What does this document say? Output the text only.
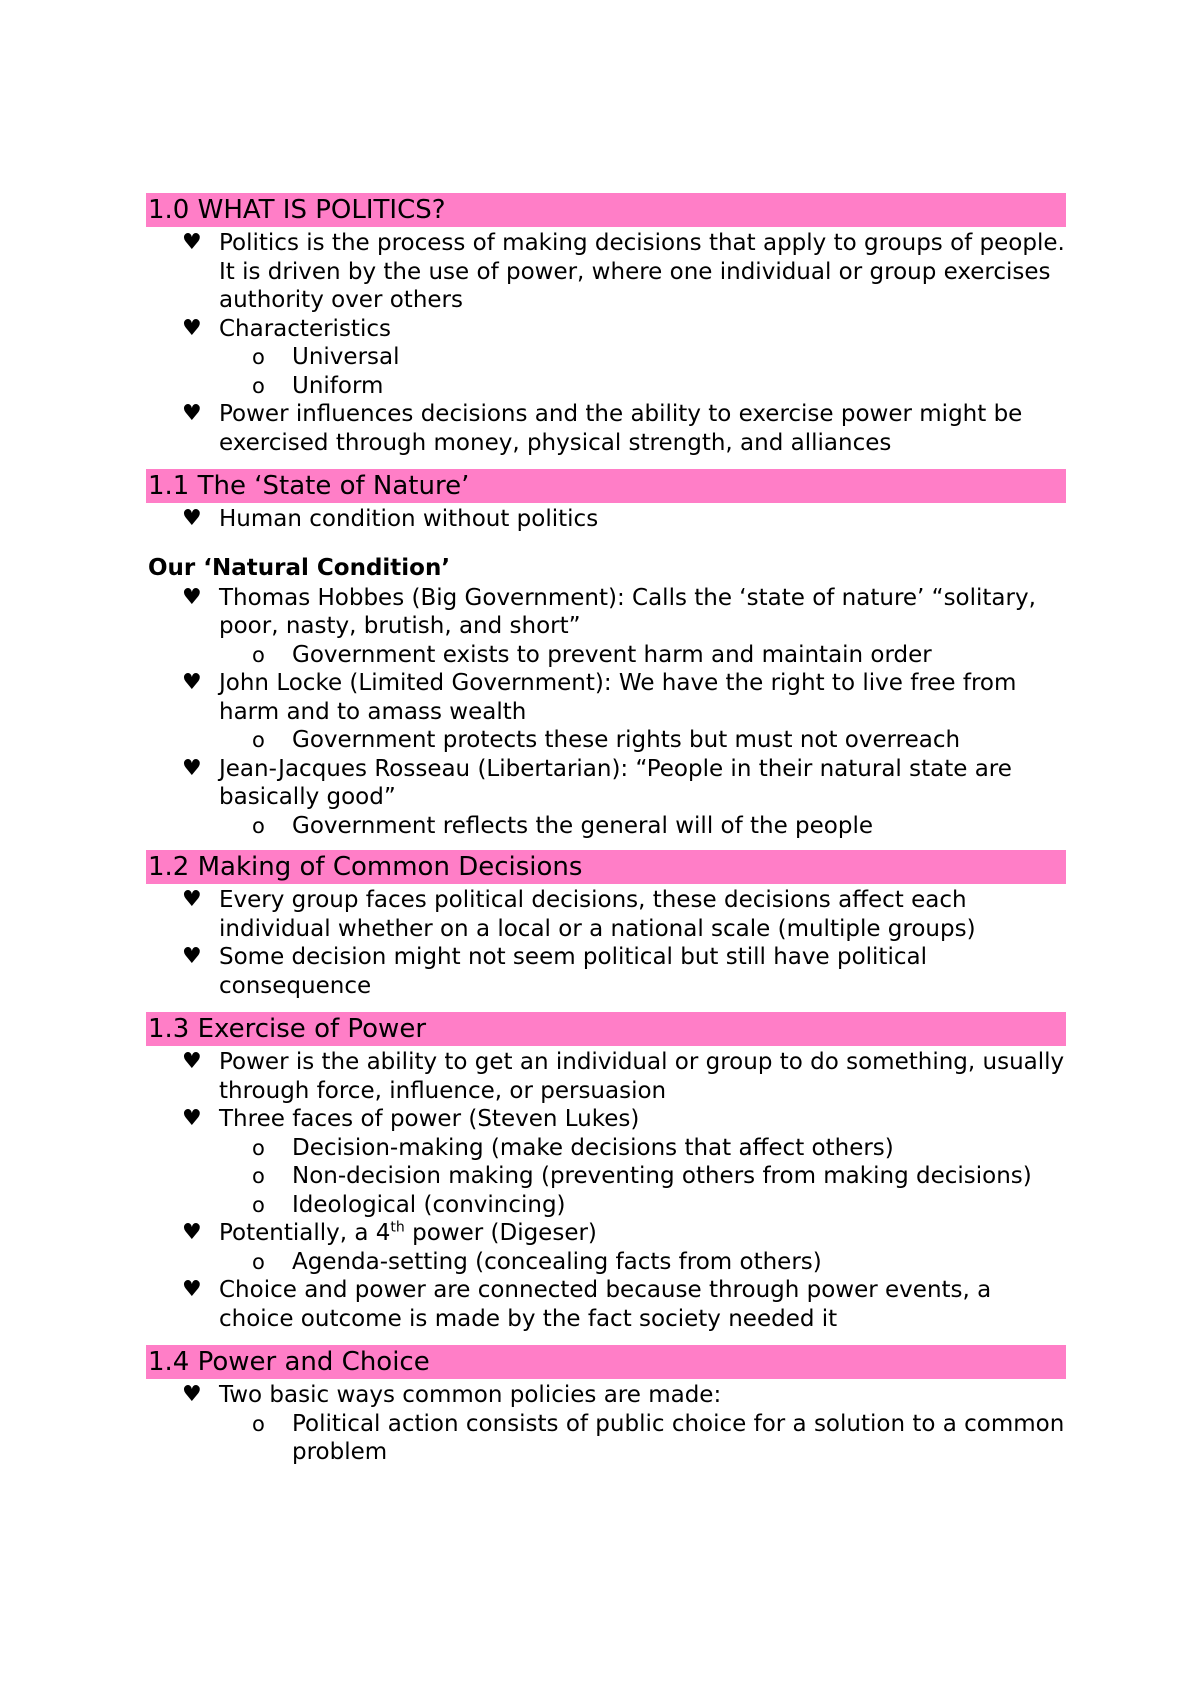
1.0 WHAT IS POLITICS?
♥ Politics is the process of making decisions that apply to groups of people. It is driven by the use of power, where one individual or group exercises authority over others
♥ Characteristics
o Universal
o Uniform
♥ Power influences decisions and the ability to exercise power might be exercised through money, physical strength, and alliances
1.1 The ‘State of Nature’
♥ Human condition without politics
Our ‘Natural Condition’
♥ Thomas Hobbes (Big Government): Calls the ‘state of nature’ “solitary, poor, nasty, brutish, and short”
o Government exists to prevent harm and maintain order
♥ John Locke (Limited Government): We have the right to live free from harm and to amass wealth
o Government protects these rights but must not overreach
♥ Jean-Jacques Rosseau (Libertarian): “People in their natural state are basically good”
o Government reflects the general will of the people
1.2 Making of Common Decisions
♥ Every group faces political decisions, these decisions affect each individual whether on a local or a national scale (multiple groups)
♥ Some decision might not seem political but still have political consequence
1.3 Exercise of Power
♥ Power is the ability to get an individual or group to do something, usually through force, influence, or persuasion
♥ Three faces of power (Steven Lukes)
o Decision-making (make decisions that affect others)
o Non-decision making (preventing others from making decisions)
o Ideological (convincing)
♥ Potentially, a 4th power (Digeser)
o Agenda-setting (concealing facts from others)
♥ Choice and power are connected because through power events, a choice outcome is made by the fact society needed it
1.4 Power and Choice
♥ Two basic ways common policies are made:
o Political action consists of public choice for a solution to a common problem
